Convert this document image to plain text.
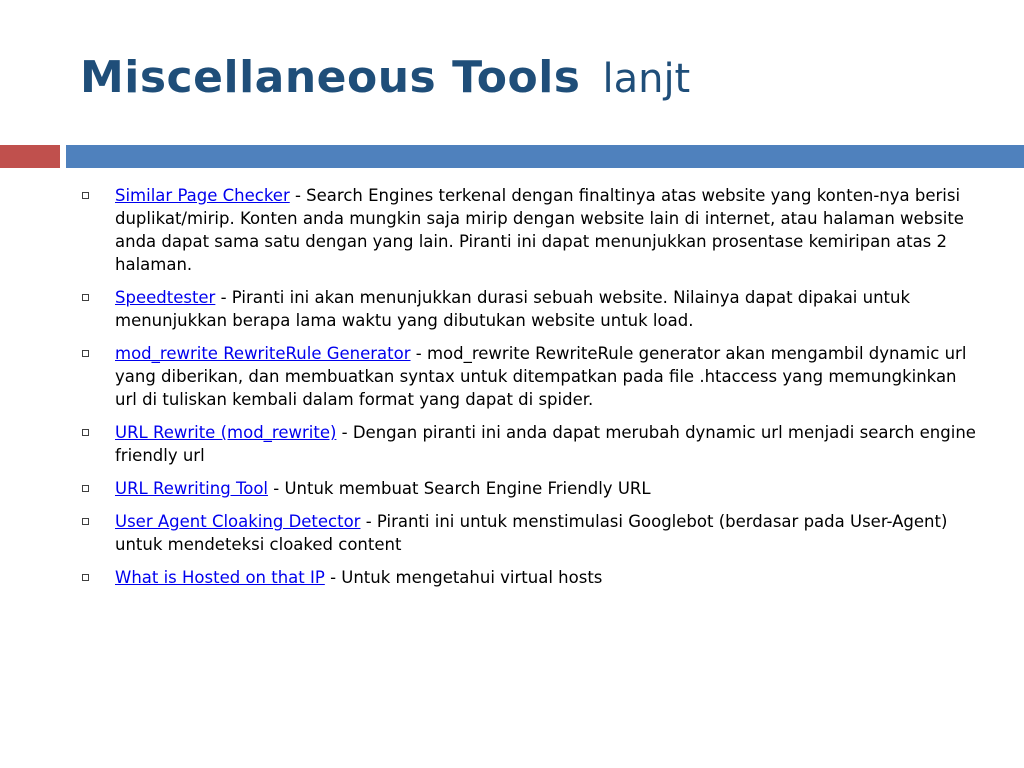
Miscellaneous Tools lanjt
Similar Page Checker - Search Engines terkenal dengan finaltinya atas website yang konten-nya berisi duplikat/mirip. Konten anda mungkin saja mirip dengan website lain di internet, atau halaman website anda dapat sama satu dengan yang lain. Piranti ini dapat menunjukkan prosentase kemiripan atas 2 halaman.
Speedtester - Piranti ini akan menunjukkan durasi sebuah website. Nilainya dapat dipakai untuk menunjukkan berapa lama waktu yang dibutukan website untuk load.
mod_rewrite RewriteRule Generator - mod_rewrite RewriteRule generator akan mengambil dynamic url yang diberikan, dan membuatkan syntax untuk ditempatkan pada file .htaccess yang memungkinkan url di tuliskan kembali dalam format yang dapat di spider.
URL Rewrite (mod_rewrite) - Dengan piranti ini anda dapat merubah dynamic url menjadi search engine friendly url
URL Rewriting Tool - Untuk membuat Search Engine Friendly URL
User Agent Cloaking Detector - Piranti ini untuk menstimulasi Googlebot (berdasar pada User-Agent) untuk mendeteksi cloaked content
What is Hosted on that IP - Untuk mengetahui virtual hosts
